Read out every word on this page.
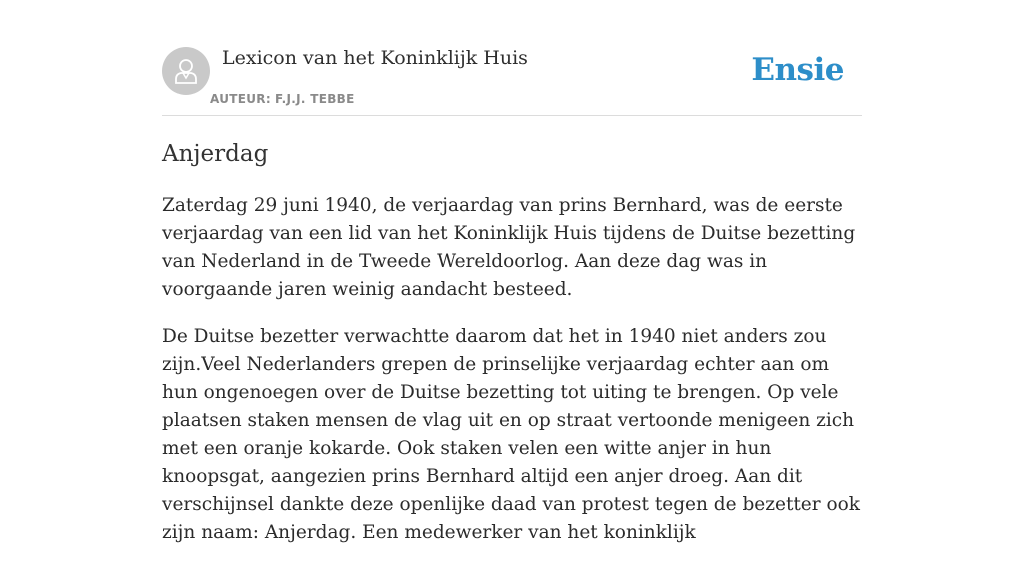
Lexicon van het Koninklijk Huis
AUTEUR: F.J.J. TEBBE
Ensie
Anjerdag

Zaterdag 29 juni 1940, de verjaardag van prins Bernhard, was de eerste verjaardag van een lid van het Koninklijk Huis tijdens de Duitse bezetting van Nederland in de Tweede Wereldoorlog. Aan deze dag was in voorgaande jaren weinig aandacht besteed.

De Duitse bezetter verwachtte daarom dat het in 1940 niet anders zou zijn.Veel Nederlanders grepen de prinselijke verjaardag echter aan om hun ongenoegen over de Duitse bezetting tot uiting te brengen. Op vele plaatsen staken mensen de vlag uit en op straat vertoonde menigeen zich met een oranje kokarde. Ook staken velen een witte anjer in hun knoopsgat, aangezien prins Bernhard altijd een anjer droeg. Aan dit verschijnsel dankte deze openlijke daad van protest tegen de bezetter ook zijn naam: Anjerdag. Een medewerker van het koninklijk
